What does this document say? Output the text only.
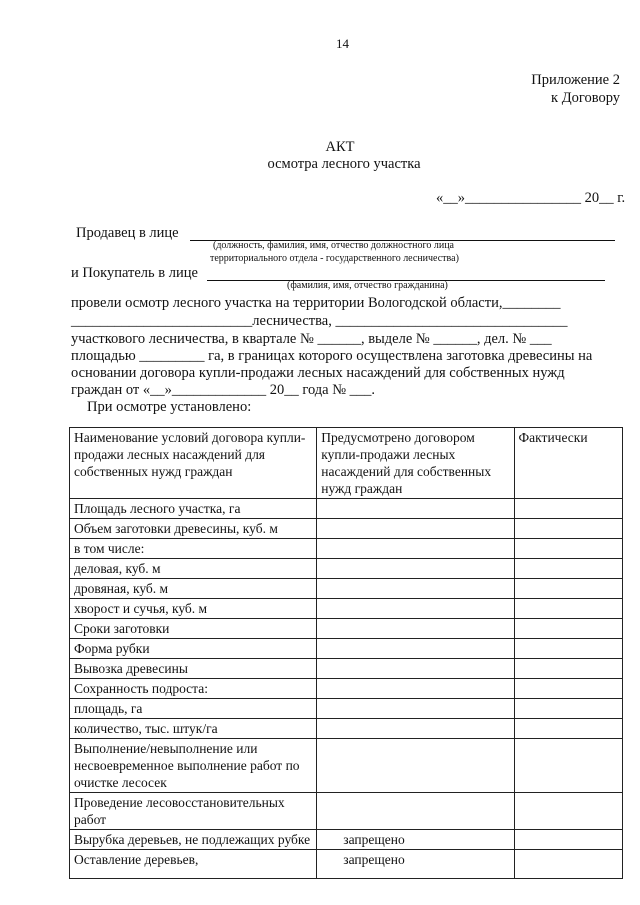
14
Приложение 2
к Договору
АКТ
осмотра лесного участка
«__»________________ 20__ г.
Продавец в лице
(должность, фамилия, имя, отчество должностного лица
территориального отдела - государственного лесничества)
и Покупатель в лице
(фамилия, имя, отчество гражданина)
провели осмотр лесного участка на территории Вологодской области,________
_________________________лесничества, ________________________________
участкового лесничества, в квартале № ______, выделе № ______, дел. № ___
площадью _________ га, в границах которого осуществлена заготовка древесины на
основании договора купли-продажи лесных насаждений для собственных нужд
граждан от «__»_____________ 20__ года № ___.
При осмотре установлено:
Наименование условий договора купли-продажи лесных насаждений для собственных нужд граждан	Предусмотрено договором купли-продажи лесных насаждений для собственных нужд граждан	Фактически
Площадь лесного участка, га		
Объем заготовки древесины, куб. м		
в том числе:		
деловая, куб. м		
дровяная, куб. м		
хворост и сучья, куб. м		
Сроки заготовки		
Форма рубки		
Вывозка древесины		
Сохранность подроста:		
площадь, га		
количество, тыс. штук/га		
Выполнение/невыполнение или несвоевременное выполнение работ по очистке лесосек		
Проведение лесовосстановительных работ		
Вырубка деревьев, не подлежащих рубке	запрещено	
Оставление деревьев,	запрещено	
